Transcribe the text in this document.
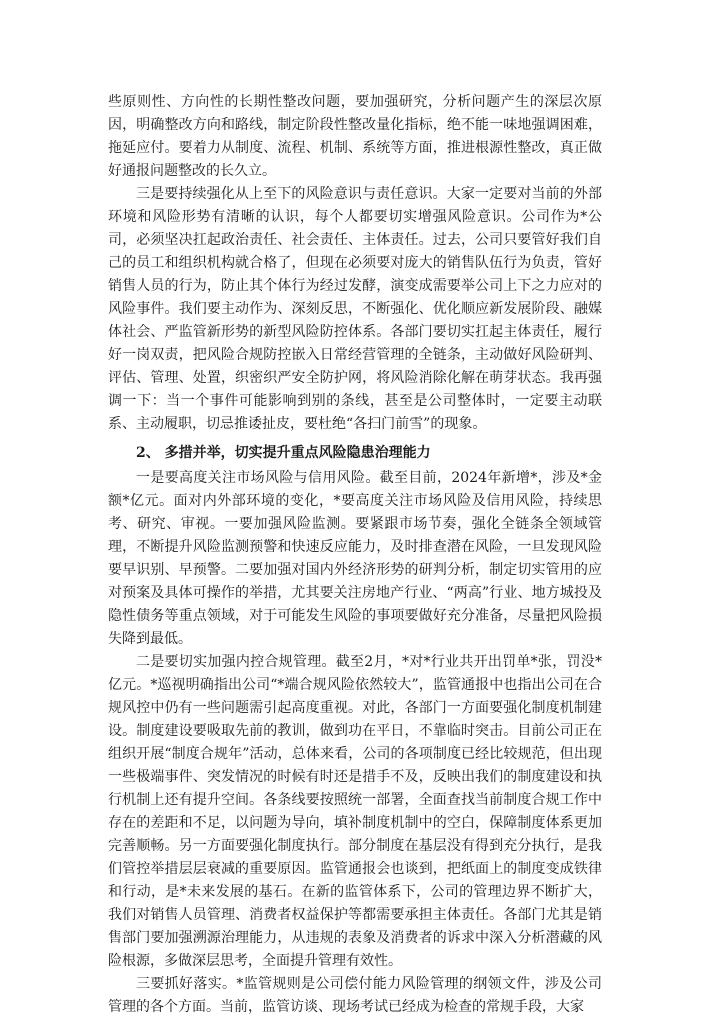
些原则性、方向性的长期性整改问题，要加强研究，分析问题产生的深层次原因，明确整改方向和路线，制定阶段性整改量化指标，绝不能一味地强调困难，拖延应付。要着力从制度、流程、机制、系统等方面，推进根源性整改，真正做好通报问题整改的长久立。

三是要持续强化从上至下的风险意识与责任意识。大家一定要对当前的外部环境和风险形势有清晰的认识，每个人都要切实增强风险意识。公司作为*公司，必须坚决扛起政治责任、社会责任、主体责任。过去，公司只要管好我们自己的员工和组织机构就合格了，但现在必须要对庞大的销售队伍行为负责，管好销售人员的行为，防止其个体行为经过发酵，演变成需要举公司上下之力应对的风险事件。我们要主动作为、深刻反思，不断强化、优化顺应新发展阶段、融媒体社会、严监管新形势的新型风险防控体系。各部门要切实扛起主体责任，履行好一岗双责，把风险合规防控嵌入日常经营管理的全链条，主动做好风险研判、评估、管理、处置，织密织严安全防护网，将风险消除化解在萌芽状态。我再强调一下：当一个事件可能影响到别的条线，甚至是公司整体时，一定要主动联系、主动履职，切忌推诿扯皮，要杜绝“各扫门前雪”的现象。

2、 多措并举，切实提升重点风险隐患治理能力

一是要高度关注市场风险与信用风险。截至目前，2024年新增*，涉及*金额*亿元。面对内外部环境的变化，*要高度关注市场风险及信用风险，持续思考、研究、审视。一要加强风险监测。要紧跟市场节奏，强化全链条全领域管理，不断提升风险监测预警和快速反应能力，及时排查潜在风险，一旦发现风险要早识别、早预警。二要加强对国内外经济形势的研判分析，制定切实管用的应对预案及具体可操作的举措，尤其要关注房地产行业、“两高”行业、地方城投及隐性债务等重点领域，对于可能发生风险的事项要做好充分准备，尽量把风险损失降到最低。

二是要切实加强内控合规管理。截至2月，*对*行业共开出罚单*张，罚没*亿元。*巡视明确指出公司“*端合规风险依然较大”，监管通报中也指出公司在合规风控中仍有一些问题需引起高度重视。对此，各部门一方面要强化制度机制建设。制度建设要吸取先前的教训，做到功在平日，不靠临时突击。目前公司正在组织开展“制度合规年”活动，总体来看，公司的各项制度已经比较规范，但出现一些极端事件、突发情况的时候有时还是措手不及，反映出我们的制度建设和执行机制上还有提升空间。各条线要按照统一部署，全面查找当前制度合规工作中存在的差距和不足，以问题为导向，填补制度机制中的空白，保障制度体系更加完善顺畅。另一方面要强化制度执行。部分制度在基层没有得到充分执行，是我们管控举措层层衰减的重要原因。监管通报会也谈到，把纸面上的制度变成铁律和行动，是*未来发展的基石。在新的监管体系下，公司的管理边界不断扩大，我们对销售人员管理、消费者权益保护等都需要承担主体责任。各部门尤其是销售部门要加强溯源治理能力，从违规的表象及消费者的诉求中深入分析潜藏的风险根源，多做深层思考，全面提升管理有效性。

三要抓好落实。*监管规则是公司偿付能力风险管理的纲领文件，涉及公司管理的各个方面。当前，监管访谈、现场考试已经成为检查的常规手段，大家
